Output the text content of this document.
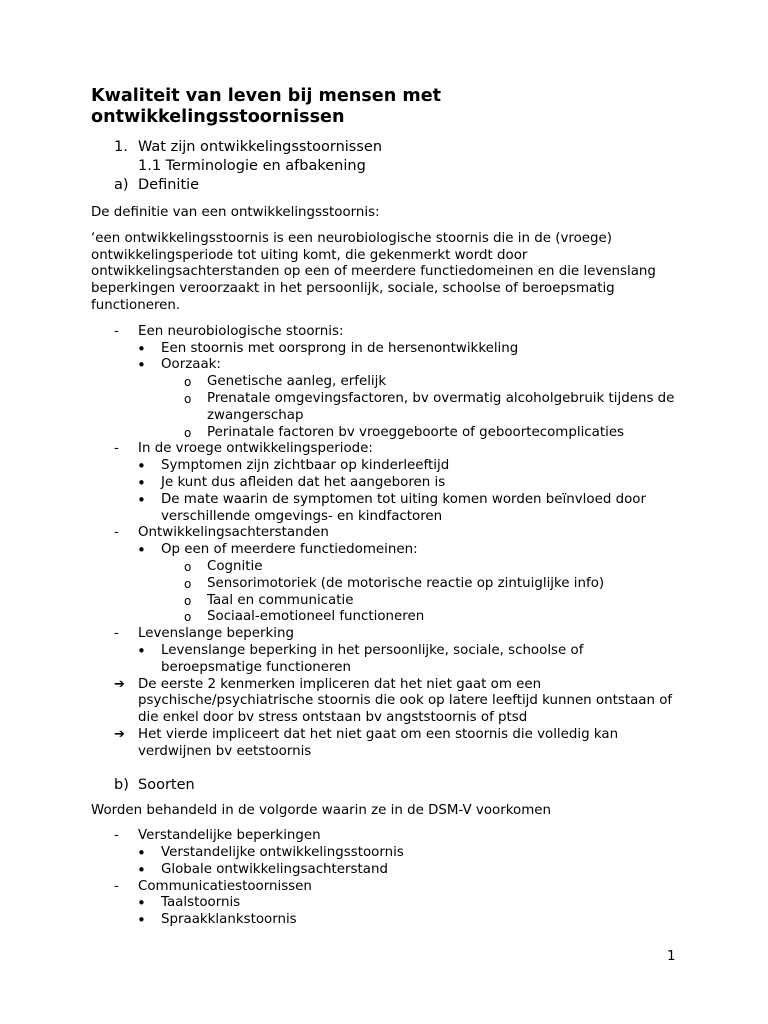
Kwaliteit van leven bij mensen met ontwikkelingsstoornissen
1. Wat zijn ontwikkelingsstoornissen
1.1 Terminologie en afbakening
a) Definitie

De definitie van een ontwikkelingsstoornis:

‘een ontwikkelingsstoornis is een neurobiologische stoornis die in de (vroege) ontwikkelingsperiode tot uiting komt, die gekenmerkt wordt door ontwikkelingsachterstanden op een of meerdere functiedomeinen en die levenslang beperkingen veroorzaakt in het persoonlijk, sociale, schoolse of beroepsmatig functioneren.

- Een neurobiologische stoornis:
• Een stoornis met oorsprong in de hersenontwikkeling
• Oorzaak:
o Genetische aanleg, erfelijk
o Prenatale omgevingsfactoren, bv overmatig alcoholgebruik tijdens de zwangerschap
o Perinatale factoren bv vroeggeboorte of geboortecomplicaties
- In de vroege ontwikkelingsperiode:
• Symptomen zijn zichtbaar op kinderleeftijd
• Je kunt dus afleiden dat het aangeboren is
• De mate waarin de symptomen tot uiting komen worden beïnvloed door verschillende omgevings- en kindfactoren
- Ontwikkelingsachterstanden
• Op een of meerdere functiedomeinen:
o Cognitie
o Sensorimotoriek (de motorische reactie op zintuiglijke info)
o Taal en communicatie
o Sociaal-emotioneel functioneren
- Levenslange beperking
• Levenslange beperking in het persoonlijke, sociale, schoolse of beroepsmatige functioneren
➔ De eerste 2 kenmerken impliceren dat het niet gaat om een psychische/psychiatrische stoornis die ook op latere leeftijd kunnen ontstaan of die enkel door bv stress ontstaan bv angststoornis of ptsd
➔ Het vierde impliceert dat het niet gaat om een stoornis die volledig kan verdwijnen bv eetstoornis
b) Soorten

Worden behandeld in de volgorde waarin ze in de DSM-V voorkomen

- Verstandelijke beperkingen
• Verstandelijke ontwikkelingsstoornis
• Globale ontwikkelingsachterstand
- Communicatiestoornissen
• Taalstoornis
• Spraakklankstoornis
1
